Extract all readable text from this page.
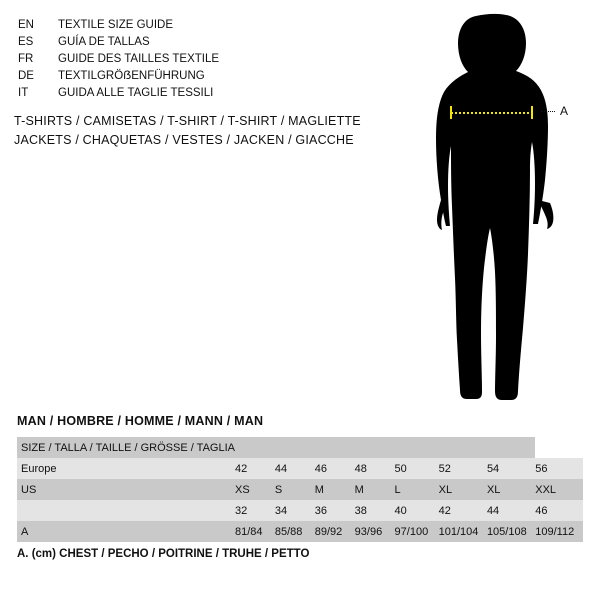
EN	TEXTILE SIZE GUIDE
ES	GUÍA DE TALLAS
FR	GUIDE DES TAILLES TEXTILE
DE	TEXTILGRÖẞENFÜHRUNG
IT	GUIDA ALLE TAGLIE TESSILI
T-SHIRTS / CAMISETAS / T-SHIRT / T-SHIRT / MAGLIETTE
JACKETS / CHAQUETAS / VESTES / JACKEN / GIACCHE
A
MAN / HOMBRE / HOMME / MANN / MAN
SIZE / TALLA / TAILLE / GRÖSSE / TAGLIA								
Europe	42	44	46	48	50	52	54	56
US	XS	S	M	M	L	XL	XL	XXL
	32	34	36	38	40	42	44	46
A	81/84	85/88	89/92	93/96	97/100	101/104	105/108	109/112
A. (cm) CHEST / PECHO / POITRINE / TRUHE / PETTO
